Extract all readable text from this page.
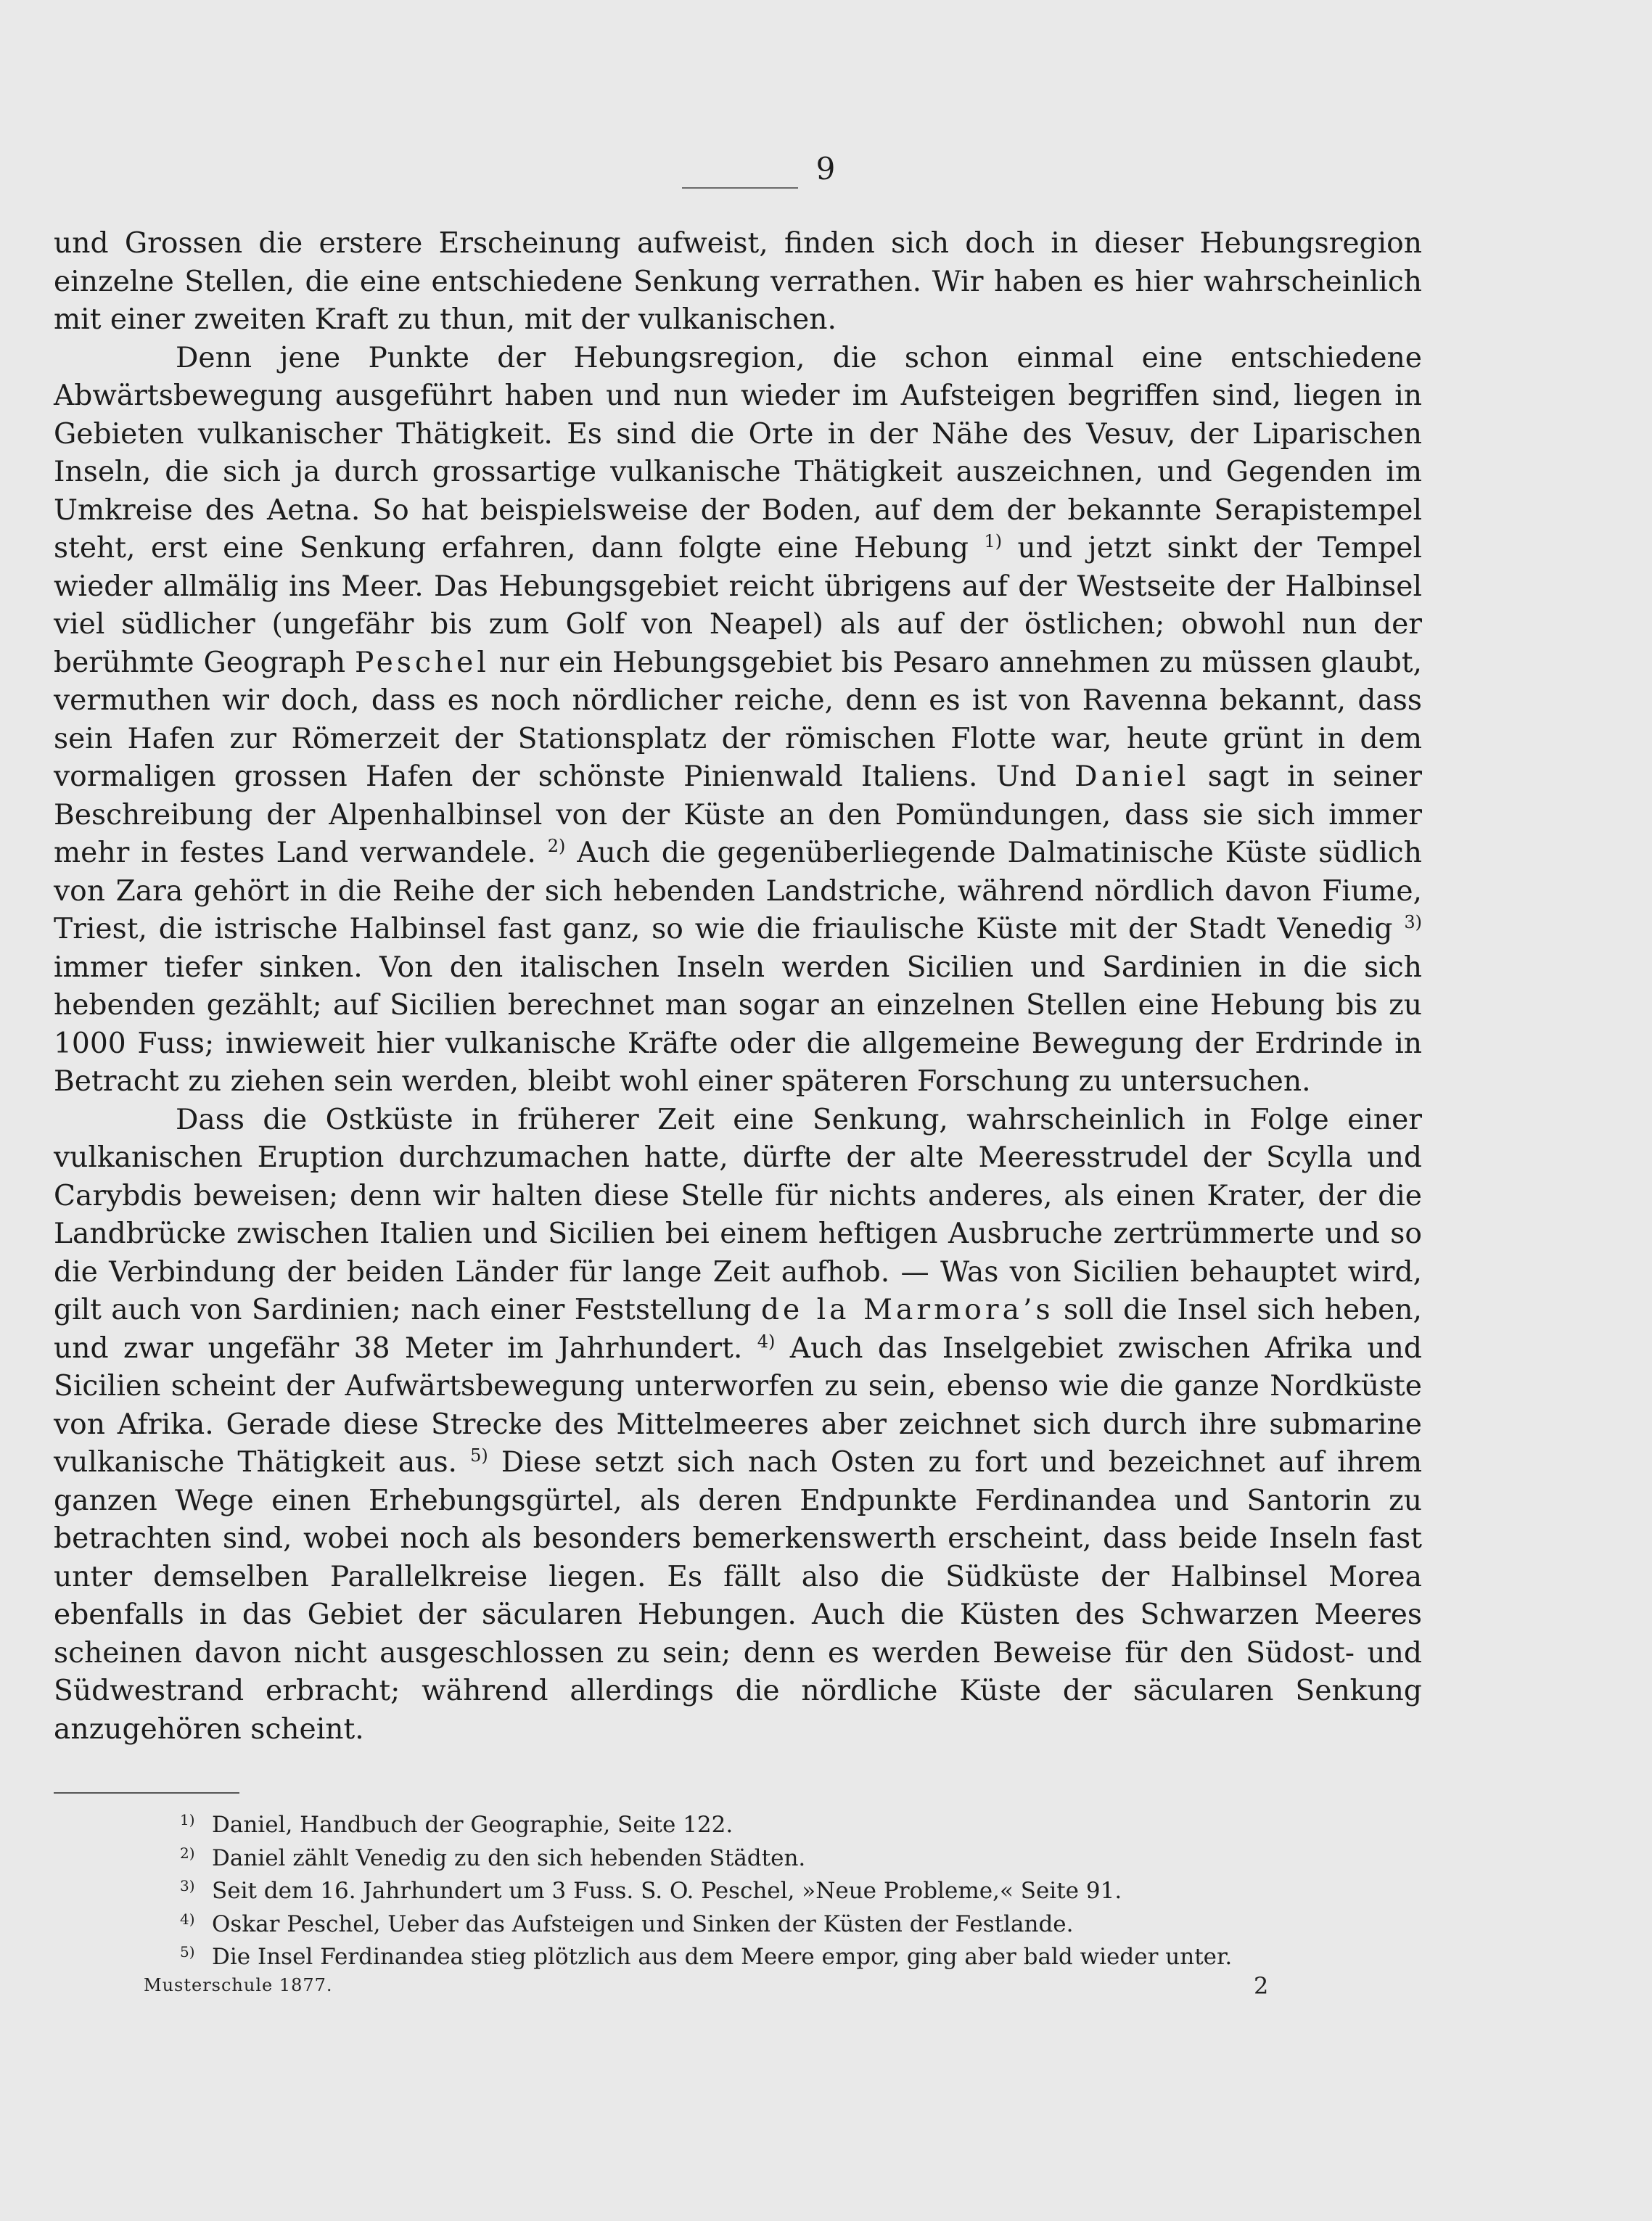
9

und Grossen die erstere Erscheinung aufweist, finden sich doch in dieser Hebungsregion einzelne Stellen, die eine entschiedene Senkung verrathen. Wir haben es hier wahrscheinlich mit einer zweiten Kraft zu thun, mit der vulkanischen.

Denn jene Punkte der Hebungsregion, die schon einmal eine entschiedene Abwärtsbewegung ausgeführt haben und nun wieder im Aufsteigen begriffen sind, liegen in Gebieten vulkanischer Thätigkeit. Es sind die Orte in der Nähe des Vesuv, der Liparischen Inseln, die sich ja durch grossartige vulkanische Thätigkeit auszeichnen, und Gegenden im Umkreise des Aetna. So hat beispielsweise der Boden, auf dem der bekannte Serapistempel steht, erst eine Senkung erfahren, dann folgte eine Hebung $^{1)}$ und jetzt sinkt der Tempel wieder allmälig ins Meer. Das Hebungsgebiet reicht übrigens auf der Westseite der Halbinsel viel südlicher (ungefähr bis zum Golf von Neapel) als auf der östlichen; obwohl nun der berühmte Geograph Peschel nur ein Hebungsgebiet bis Pesaro annehmen zu müssen glaubt, vermuthen wir doch, dass es noch nördlicher reiche, denn es ist von Ravenna bekannt, dass sein Hafen zur Römerzeit der Stationsplatz der römischen Flotte war, heute grünt in dem vormaligen grossen Hafen der schönste Pinienwald Italiens. Und Daniel sagt in seiner Beschreibung der Alpenhalbinsel von der Küste an den Pomündungen, dass sie sich immer mehr in festes Land verwandele. $^{2)}$ Auch die gegenüberliegende Dalmatinische Küste südlich von Zara gehört in die Reihe der sich hebenden Landstriche, während nördlich davon Fiume, Triest, die istrische Halbinsel fast ganz, so wie die friaulische Küste mit der Stadt Venedig $^{3)}$ immer tiefer sinken. Von den italischen Inseln werden Sicilien und Sardinien in die sich hebenden gezählt; auf Sicilien berechnet man sogar an einzelnen Stellen eine Hebung bis zu 1000 Fuss; inwieweit hier vulkanische Kräfte oder die allgemeine Bewegung der Erdrinde in Betracht zu ziehen sein werden, bleibt wohl einer späteren Forschung zu untersuchen.

Dass die Ostküste in früherer Zeit eine Senkung, wahrscheinlich in Folge einer vulkanischen Eruption durchzumachen hatte, dürfte der alte Meeresstrudel der Scylla und Carybdis beweisen; denn wir halten diese Stelle für nichts anderes, als einen Krater, der die Landbrücke zwischen Italien und Sicilien bei einem heftigen Ausbruche zertrümmerte und so die Verbindung der beiden Länder für lange Zeit aufhob. — Was von Sicilien behauptet wird, gilt auch von Sardinien; nach einer Feststellung de la Marmora’s soll die Insel sich heben, und zwar ungefähr 38 Meter im Jahrhundert. $^{4)}$ Auch das Inselgebiet zwischen Afrika und Sicilien scheint der Aufwärtsbewegung unterworfen zu sein, ebenso wie die ganze Nordküste von Afrika. Gerade diese Strecke des Mittelmeeres aber zeichnet sich durch ihre submarine vulkanische Thätigkeit aus. $^{5)}$ Diese setzt sich nach Osten zu fort und bezeichnet auf ihrem ganzen Wege einen Erhebungsgürtel, als deren Endpunkte Ferdinandea und Santorin zu betrachten sind, wobei noch als besonders bemerkenswerth erscheint, dass beide Inseln fast unter demselben Parallelkreise liegen. Es fällt also die Südküste der Halbinsel Morea ebenfalls in das Gebiet der säcularen Hebungen. Auch die Küsten des Schwarzen Meeres scheinen davon nicht ausgeschlossen zu sein; denn es werden Beweise für den Südost- und Südwestrand erbracht; während allerdings die nördliche Küste der säcularen Senkung anzugehören scheint.

$^{1)}$ Daniel, Handbuch der Geographie, Seite 122.
$^{2)}$ Daniel zählt Venedig zu den sich hebenden Städten.
$^{3)}$ Seit dem 16. Jahrhundert um 3 Fuss. S. O. Peschel, »Neue Probleme,« Seite 91.
$^{4)}$ Oskar Peschel, Ueber das Aufsteigen und Sinken der Küsten der Festlande.
$^{5)}$ Die Insel Ferdinandea stieg plötzlich aus dem Meere empor, ging aber bald wieder unter.
Musterschule 1877.	2
